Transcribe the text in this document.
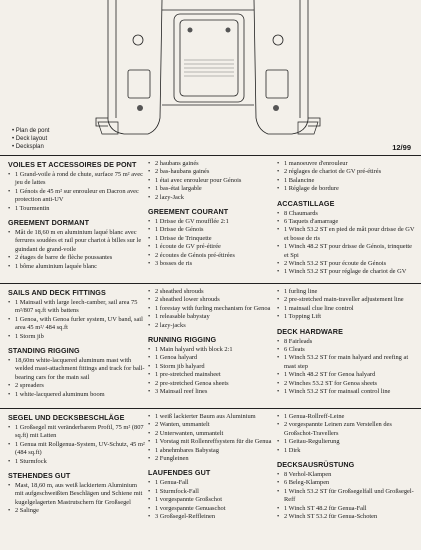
• Plan de pont
• Deck layout
• Decksplan	12/99
VOILES ET ACCESSOIRES DE PONT
• 1 Grand-voile à rond de chute, surface 75 m² avec jeu de lattes
• 1 Génois de 45 m² sur enrouleur en Dacron avec protection anti-UV
• 1 Tourmentin
GREEMENT DORMANT
• Mât de 18,60 m en aluminium laqué blanc avec ferrures soudées et rail pour chariot à billes sur le guindant de grand-voile
• 2 étages de barre de flèche poussantes
• 1 bôme aluminium laquée blanc
• 2 haubans gainés
• 2 bas-haubans gainés
• 1 étai avec enrouleur pour Génois
• 1 bas-étai largable
• 2 lazy-Jack
GREEMENT COURANT
• 1 Drisse de GV moufflée 2:1
• 1 Drisse de Génois
• 1 Drisse de Trinquette
• 1 écoute de GV pré-étirée
• 2 écoutes de Génois pré-étirées
• 3 bosses de ris
• 1 manoeuvre d'enrouleur
• 2 réglages de chariot de GV pré-étirés
• 1 Balancine
• 1 Réglage de bordure
ACCASTILLAGE
• 8 Chaumards
• 6 Taquets d'amarrage
• 1 Winch 53.2 ST en pied de mât pour drisse de GV et bosse de ris
• 1 Winch 48.2 ST pour drisse de Génois, trinquette et Spi
• 2 Winch 53.2 ST pour écoute de Génois
• 1 Winch 53.2 ST pour réglage de chariot de GV
SAILS AND DECK FITTINGS
• 1 Mainsail with large leech-camber, sail area 75 m²/807 sq.ft with battens
• 1 Genoa, with Genoa furler system, UV band, sail area 45 m²/ 484 sq.ft
• 1 Storm jib
STANDING RIGGING
• 18,60m white-lacquered aluminum mast with welded mast-attachment fittings and track for ball-bearing cars for the main sail
• 2 spreaders
• 1 white-lacquered aluminum boom
• 2 sheathed shrouds
• 2 sheathed lower shrouds
• 1 forestay with furling mechanism for Genoa
• 1 releasable babystay
• 2 lazy-jacks
RUNNING RIGGING
• 1 Main halyard with block 2:1
• 1 Genoa halyard
• 1 Storm jib halyard
• 1 pre-stretched mainsheet
• 2 pre-stretched Genoa sheets
• 3 Mainsail reef lines
• 1 furling line
• 2 pre-stretched main-traveller adjustement line
• 1 mainsail clue line control
• 1 Topping Lift
DECK HARDWARE
• 8 Fairleads
• 6 Cleats
• 1 Winch 53.2 ST for main halyard and reefing at mast step
• 1 Winch 48.2 ST for Genoa halyard
• 2 Winches 53.2 ST for Genoa sheets
• 1 Winch 53.2 ST for mainsail control line
SEGEL UND DECKSBESCHLÄGE
• 1 Großsegel mit veränderbarem Profil, 75 m² (807 sq.ft) mit Latten
• 1 Genua mit Rollgenua-System, UV-Schutz, 45 m² (484 sq.ft)
• 1 Sturmfock
STEHENDES GUT
• Mast, 18,60 m, aus weiß lackiertem Aluminium mit aufgeschweißten Beschlägen und Schiene mit kugelgelagerten Mastrutschern für Großsegel
• 2 Salinge
• 1 weiß lackierter Baum aus Aluminium
• 2 Wanten, ummantelt
• 2 Unterwanten, ummantelt
• 1 Vorstag mit Rollenreffsystem für die Genua
• 1 abnehmbares Babystag
• 2 Fungleinen
LAUFENDES GUT
• 1 Genua-Fall
• 1 Sturmfock-Fall
• 1 vorgespannte Großschot
• 1 vorgespannte Genuaschot
• 3 Großsegel-Reffleinen
• 1 Genua-Rollreff-Leine
• 2 vorgespannte Leinen zum Verstellen des Großschot-Travellers
• 1 Geitau-Regulierung
• 1 Dirk
DECKSAUSRÜSTUNG
• 8 Verhol-Klampen
• 6 Beleg-Klampen
• 1 Winch 53.2 ST für Großsegelfall und Großsegel-Reff
• 1 Winch ST 48.2 für Genua-Fall
• 2 Winch ST 53.2 für Genua-Schoten
